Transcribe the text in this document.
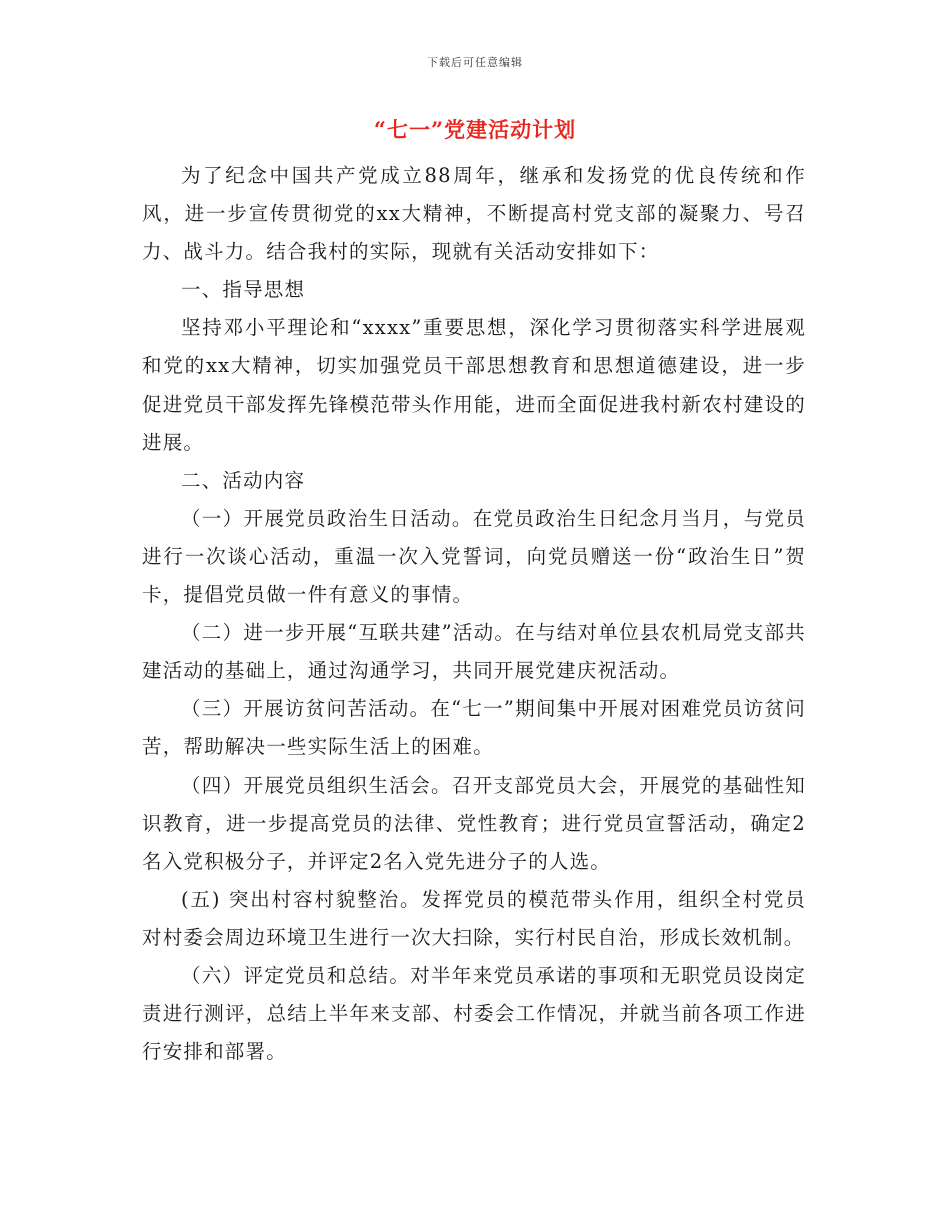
下载后可任意编辑
“七一”党建活动计划

为了纪念中国共产党成立88周年，继承和发扬党的优良传统和作风，进一步宣传贯彻党的xx大精神，不断提高村党支部的凝聚力、号召力、战斗力。结合我村的实际，现就有关活动安排如下：

一、指导思想

坚持邓小平理论和“xxxx”重要思想，深化学习贯彻落实科学进展观和党的xx大精神，切实加强党员干部思想教育和思想道德建设，进一步促进党员干部发挥先锋模范带头作用能，进而全面促进我村新农村建设的进展。

二、活动内容

（一）开展党员政治生日活动。在党员政治生日纪念月当月，与党员进行一次谈心活动，重温一次入党誓词，向党员赠送一份“政治生日”贺卡，提倡党员做一件有意义的事情。

（二）进一步开展“互联共建”活动。在与结对单位县农机局党支部共建活动的基础上，通过沟通学习，共同开展党建庆祝活动。

（三）开展访贫问苦活动。在“七一”期间集中开展对困难党员访贫问苦，帮助解决一些实际生活上的困难。

（四）开展党员组织生活会。召开支部党员大会，开展党的基础性知识教育，进一步提高党员的法律、党性教育；进行党员宣誓活动，确定2名入党积极分子，并评定2名入党先进分子的人选。

(五) 突出村容村貌整治。发挥党员的模范带头作用，组织全村党员对村委会周边环境卫生进行一次大扫除，实行村民自治，形成长效机制。

（六）评定党员和总结。对半年来党员承诺的事项和无职党员设岗定责进行测评，总结上半年来支部、村委会工作情况，并就当前各项工作进行安排和部署。
